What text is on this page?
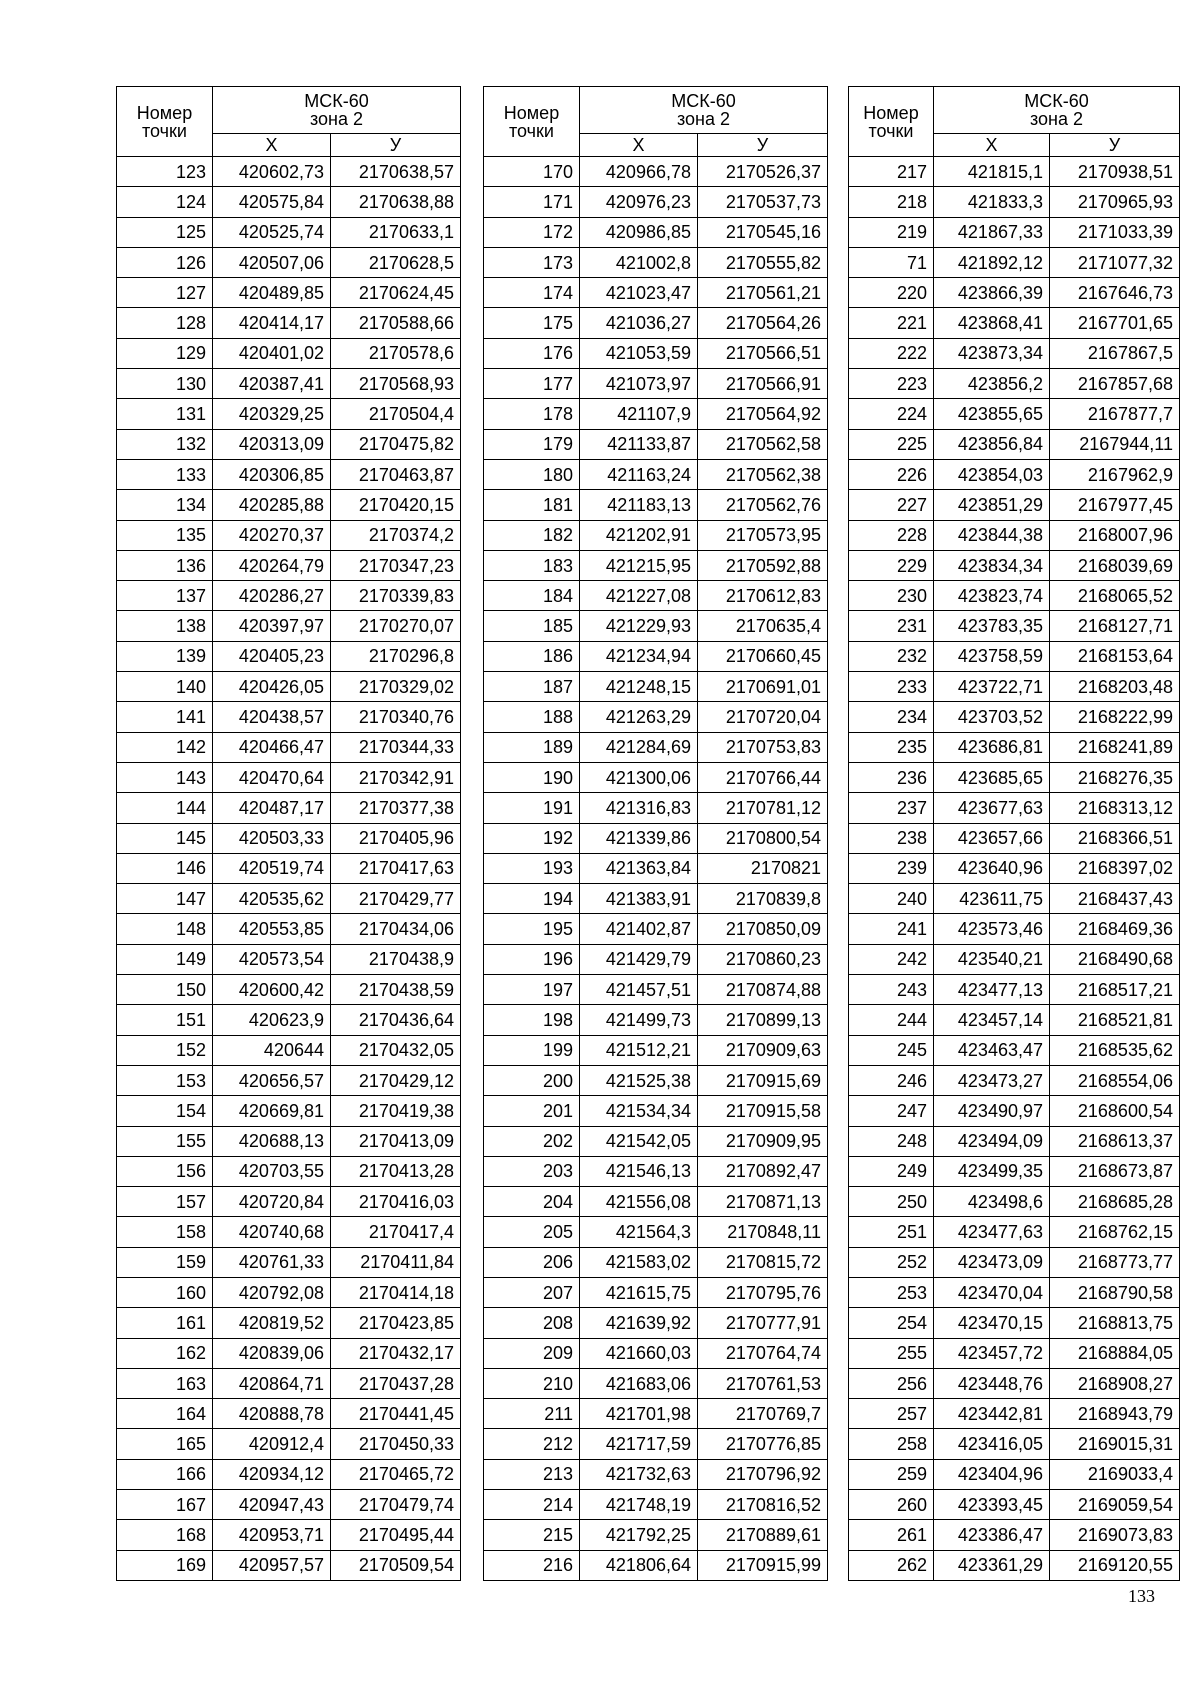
Номер
точки	МСК-60
зона 2	

	Х	У
123	420602,73	2170638,57
124	420575,84	2170638,88
125	420525,74	2170633,1
126	420507,06	2170628,5
127	420489,85	2170624,45
128	420414,17	2170588,66
129	420401,02	2170578,6
130	420387,41	2170568,93
131	420329,25	2170504,4
132	420313,09	2170475,82
133	420306,85	2170463,87
134	420285,88	2170420,15
135	420270,37	2170374,2
136	420264,79	2170347,23
137	420286,27	2170339,83
138	420397,97	2170270,07
139	420405,23	2170296,8
140	420426,05	2170329,02
141	420438,57	2170340,76
142	420466,47	2170344,33
143	420470,64	2170342,91
144	420487,17	2170377,38
145	420503,33	2170405,96
146	420519,74	2170417,63
147	420535,62	2170429,77
148	420553,85	2170434,06
149	420573,54	2170438,9
150	420600,42	2170438,59
151	420623,9	2170436,64
152	420644	2170432,05
153	420656,57	2170429,12
154	420669,81	2170419,38
155	420688,13	2170413,09
156	420703,55	2170413,28
157	420720,84	2170416,03
158	420740,68	2170417,4
159	420761,33	2170411,84
160	420792,08	2170414,18
161	420819,52	2170423,85
162	420839,06	2170432,17
163	420864,71	2170437,28
164	420888,78	2170441,45
165	420912,4	2170450,33
166	420934,12	2170465,72
167	420947,43	2170479,74
168	420953,71	2170495,44
169	420957,57	2170509,54
Номер
точки	МСК-60
зона 2	

	Х	У
170	420966,78	2170526,37
171	420976,23	2170537,73
172	420986,85	2170545,16
173	421002,8	2170555,82
174	421023,47	2170561,21
175	421036,27	2170564,26
176	421053,59	2170566,51
177	421073,97	2170566,91
178	421107,9	2170564,92
179	421133,87	2170562,58
180	421163,24	2170562,38
181	421183,13	2170562,76
182	421202,91	2170573,95
183	421215,95	2170592,88
184	421227,08	2170612,83
185	421229,93	2170635,4
186	421234,94	2170660,45
187	421248,15	2170691,01
188	421263,29	2170720,04
189	421284,69	2170753,83
190	421300,06	2170766,44
191	421316,83	2170781,12
192	421339,86	2170800,54
193	421363,84	2170821
194	421383,91	2170839,8
195	421402,87	2170850,09
196	421429,79	2170860,23
197	421457,51	2170874,88
198	421499,73	2170899,13
199	421512,21	2170909,63
200	421525,38	2170915,69
201	421534,34	2170915,58
202	421542,05	2170909,95
203	421546,13	2170892,47
204	421556,08	2170871,13
205	421564,3	2170848,11
206	421583,02	2170815,72
207	421615,75	2170795,76
208	421639,92	2170777,91
209	421660,03	2170764,74
210	421683,06	2170761,53
211	421701,98	2170769,7
212	421717,59	2170776,85
213	421732,63	2170796,92
214	421748,19	2170816,52
215	421792,25	2170889,61
216	421806,64	2170915,99
Номер
точки	МСК-60
зона 2	

	Х	У
217	421815,1	2170938,51
218	421833,3	2170965,93
219	421867,33	2171033,39
71	421892,12	2171077,32
220	423866,39	2167646,73
221	423868,41	2167701,65
222	423873,34	2167867,5
223	423856,2	2167857,68
224	423855,65	2167877,7
225	423856,84	2167944,11
226	423854,03	2167962,9
227	423851,29	2167977,45
228	423844,38	2168007,96
229	423834,34	2168039,69
230	423823,74	2168065,52
231	423783,35	2168127,71
232	423758,59	2168153,64
233	423722,71	2168203,48
234	423703,52	2168222,99
235	423686,81	2168241,89
236	423685,65	2168276,35
237	423677,63	2168313,12
238	423657,66	2168366,51
239	423640,96	2168397,02
240	423611,75	2168437,43
241	423573,46	2168469,36
242	423540,21	2168490,68
243	423477,13	2168517,21
244	423457,14	2168521,81
245	423463,47	2168535,62
246	423473,27	2168554,06
247	423490,97	2168600,54
248	423494,09	2168613,37
249	423499,35	2168673,87
250	423498,6	2168685,28
251	423477,63	2168762,15
252	423473,09	2168773,77
253	423470,04	2168790,58
254	423470,15	2168813,75
255	423457,72	2168884,05
256	423448,76	2168908,27
257	423442,81	2168943,79
258	423416,05	2169015,31
259	423404,96	2169033,4
260	423393,45	2169059,54
261	423386,47	2169073,83
262	423361,29	2169120,55
133
